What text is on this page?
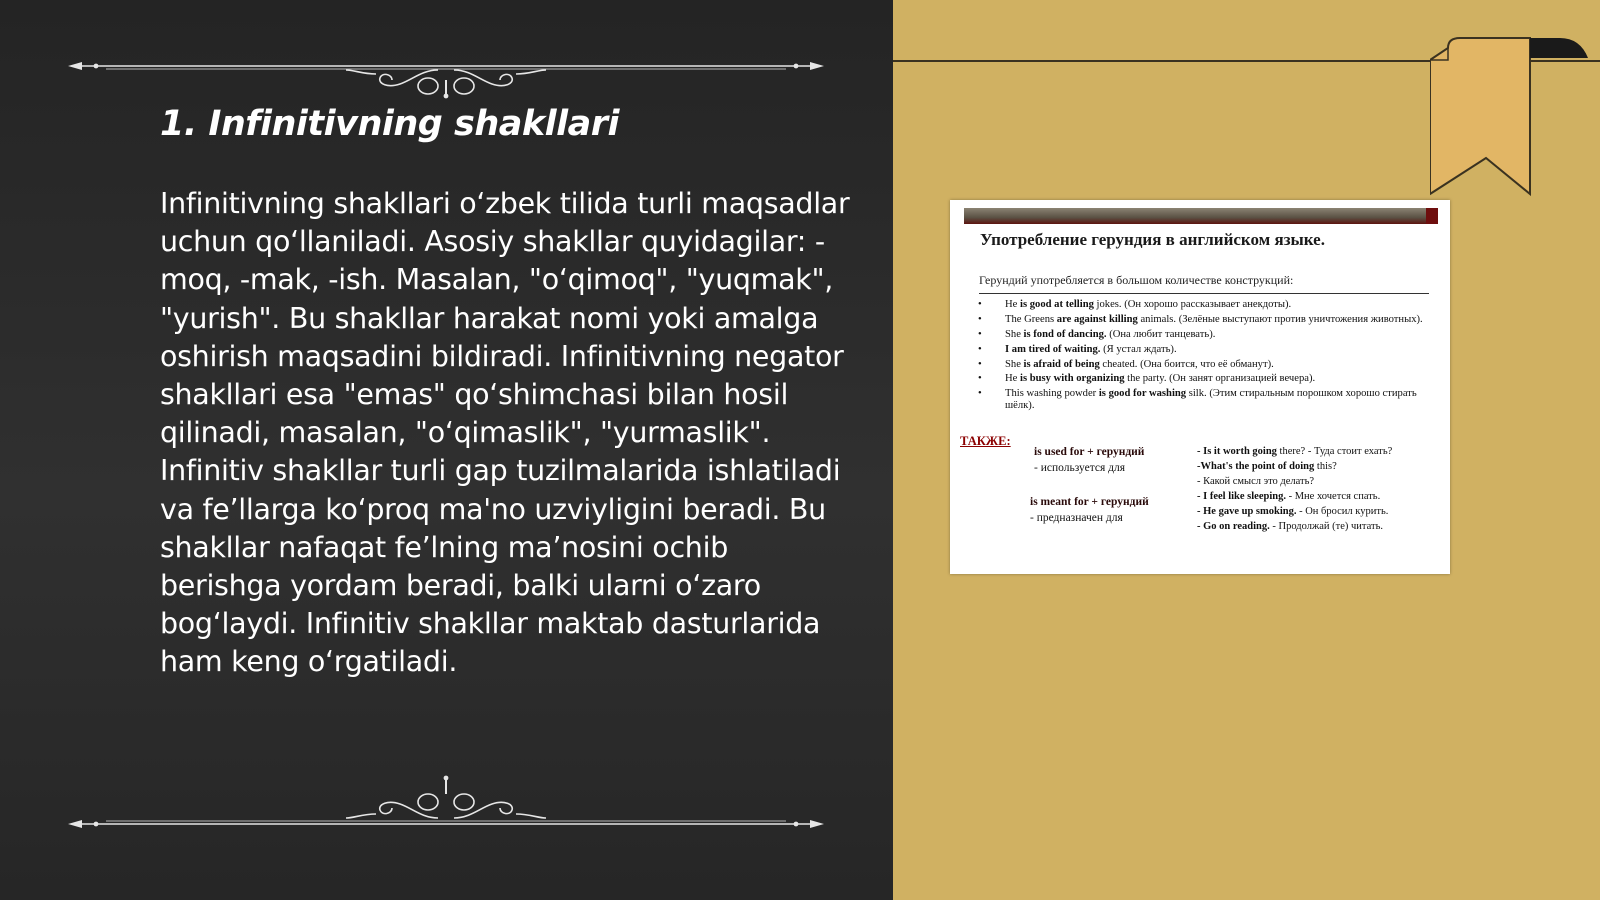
1. Infinitivning shakllari

Infinitivning shakllari o‘zbek tilida turli maqsadlar uchun qo‘llaniladi. Asosiy shakllar quyidagilar: -moq, -mak, -ish. Masalan, "o‘qimoq", "yuqmak", "yurish". Bu shakllar harakat nomi yoki amalga oshirish maqsadini bildiradi. Infinitivning negator shakllari esa "emas" qo‘shimchasi bilan hosil qilinadi, masalan, "o‘qimaslik", "yurmaslik". Infinitiv shakllar turli gap tuzilmalarida ishlatiladi va fe’llarga ko‘proq ma'no uzviyligini beradi. Bu shakllar nafaqat fe’lning ma’nosini ochib berishga yordam beradi, balki ularni o‘zaro bog‘laydi. Infinitiv shakllar maktab dasturlarida ham keng o‘rgatiladi.

Употребление герундия в английском языке.
Герундий употребляется в большом количестве конструкций:
• He is good at telling jokes. (Он хорошо рассказывает анекдоты).
• The Greens are against killing animals. (Зелёные выступают против уничтожения животных).
• She is fond of dancing. (Она любит танцевать).
• I am tired of waiting. (Я устал ждать).
• She is afraid of being cheated. (Она боится, что её обманут).
• He is busy with organizing the party. (Он занят организацией вечера).
• This washing powder is good for washing silk. (Этим стиральным порошком хорошо стирать шёлк).
ТАКЖЕ:
is used for + герундий
- используется для
is meant for + герундий
- предназначен для
- Is it worth going there? - Туда стоит ехать?
-What's the point of doing this?
- Какой смысл это делать?
- I feel like sleeping. - Мне хочется спать.
- He gave up smoking. - Он бросил курить.
- Go on reading. - Продолжай (те) читать.
